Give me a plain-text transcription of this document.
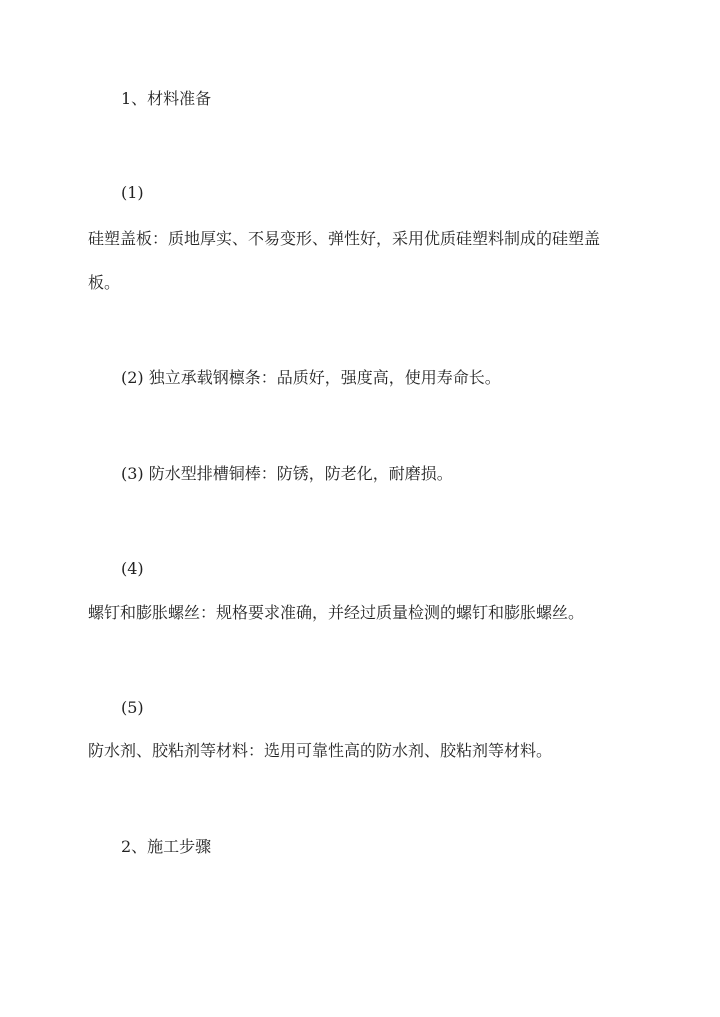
1、材料准备
(1)
硅塑盖板：质地厚实、不易变形、弹性好，采用优质硅塑料制成的硅塑盖
板。
(2) 独立承载钢檩条：品质好，强度高，使用寿命长。
(3) 防水型排槽铜棒：防锈，防老化，耐磨损。
(4)
螺钉和膨胀螺丝：规格要求准确，并经过质量检测的螺钉和膨胀螺丝。
(5)
防水剂、胶粘剂等材料：选用可靠性高的防水剂、胶粘剂等材料。
2、施工步骤
